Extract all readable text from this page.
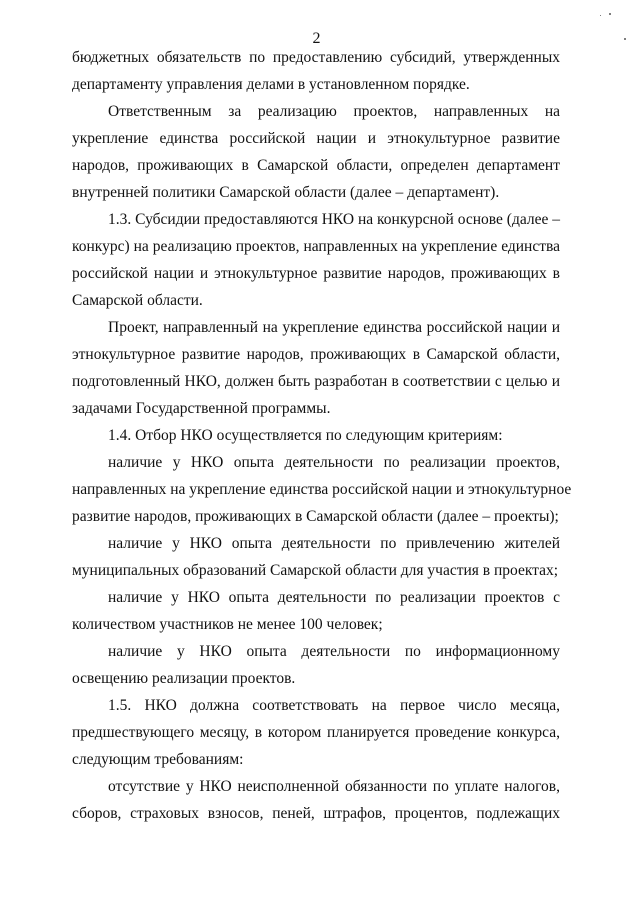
2
бюджетных обязательств по предоставлению субсидий, утвержденных
департаменту управления делами в установленном порядке.
Ответственным за реализацию проектов, направленных на
укрепление единства российской нации и этнокультурное развитие
народов, проживающих в Самарской области, определен департамент
внутренней политики Самарской области (далее – департамент).
1.3. Субсидии предоставляются НКО на конкурсной основе (далее –
конкурс) на реализацию проектов, направленных на укрепление единства
российской нации и этнокультурное развитие народов, проживающих в
Самарской области.
Проект, направленный на укрепление единства российской нации и
этнокультурное развитие народов, проживающих в Самарской области,
подготовленный НКО, должен быть разработан в соответствии с целью и
задачами Государственной программы.
1.4. Отбор НКО осуществляется по следующим критериям:
наличие у НКО опыта деятельности по реализации проектов,
направленных на укрепление единства российской нации и этнокультурное
развитие народов, проживающих в Самарской области (далее – проекты);
наличие у НКО опыта деятельности по привлечению жителей
муниципальных образований Самарской области для участия в проектах;
наличие у НКО опыта деятельности по реализации проектов с
количеством участников не менее 100 человек;
наличие у НКО опыта деятельности по информационному
освещению реализации проектов.
1.5. НКО должна соответствовать на первое число месяца,
предшествующего месяцу, в котором планируется проведение конкурса,
следующим требованиям:
отсутствие у НКО неисполненной обязанности по уплате налогов,
сборов, страховых взносов, пеней, штрафов, процентов, подлежащих
